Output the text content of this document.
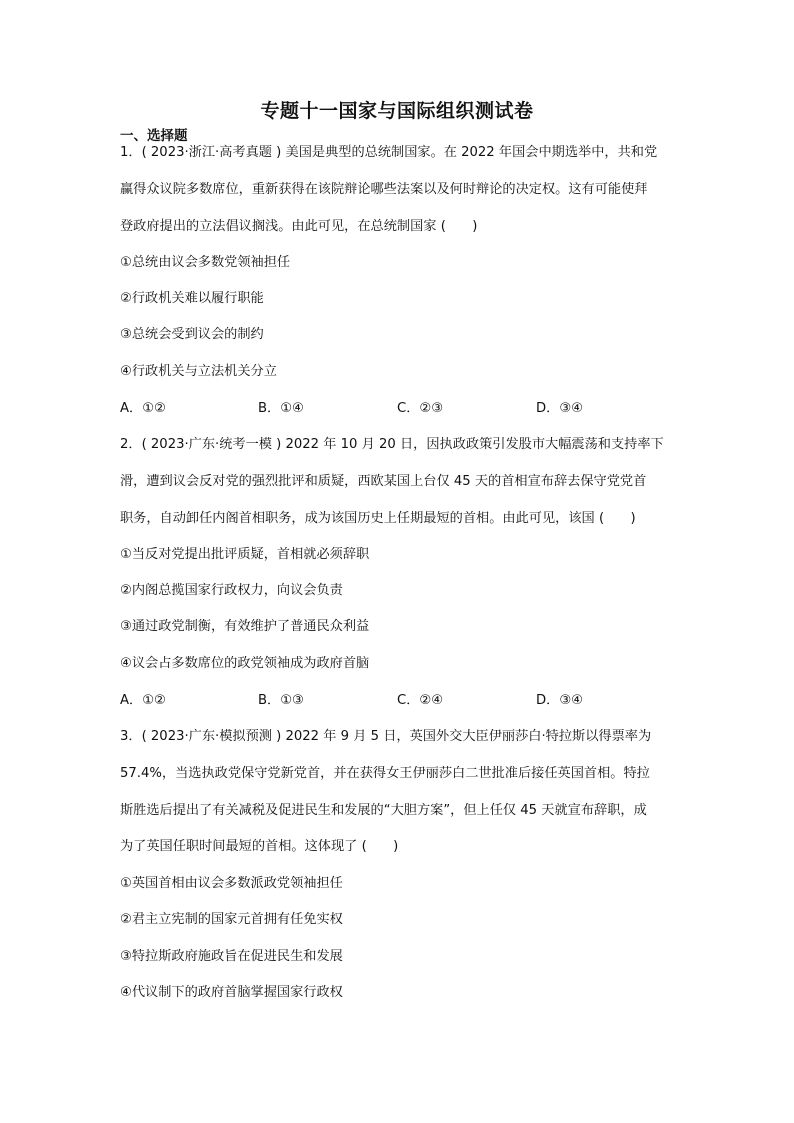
专题十一国家与国际组织测试卷
一、选择题
1．( 2023·浙江·高考真题 ) 美国是典型的总统制国家。在 2022 年国会中期选举中，共和党
赢得众议院多数席位，重新获得在该院辩论哪些法案以及何时辩论的决定权。这有可能使拜
登政府提出的立法倡议搁浅。由此可见，在总统制国家 (　　)
①总统由议会多数党领袖担任
②行政机关难以履行职能
③总统会受到议会的制约
④行政机关与立法机关分立
A．①②	B．①④	C．②③	D．③④
2．( 2023·广东·统考一模 ) 2022 年 10 月 20 日，因执政政策引发股市大幅震荡和支持率下
滑，遭到议会反对党的强烈批评和质疑，西欧某国上台仅 45 天的首相宣布辞去保守党党首
职务，自动卸任内阁首相职务，成为该国历史上任期最短的首相。由此可见，该国 (　　)
①当反对党提出批评质疑，首相就必须辞职
②内阁总揽国家行政权力，向议会负责
③通过政党制衡，有效维护了普通民众利益
④议会占多数席位的政党领袖成为政府首脑
A．①②	B．①③	C．②④	D．③④
3．( 2023·广东·模拟预测 ) 2022 年 9 月 5 日，英国外交大臣伊丽莎白·特拉斯以得票率为
57.4%，当选执政党保守党新党首，并在获得女王伊丽莎白二世批准后接任英国首相。特拉
斯胜选后提出了有关减税及促进民生和发展的“大胆方案”，但上任仅 45 天就宣布辞职，成
为了英国任职时间最短的首相。这体现了 (　　)
①英国首相由议会多数派政党领袖担任
②君主立宪制的国家元首拥有任免实权
③特拉斯政府施政旨在促进民生和发展
④代议制下的政府首脑掌握国家行政权
